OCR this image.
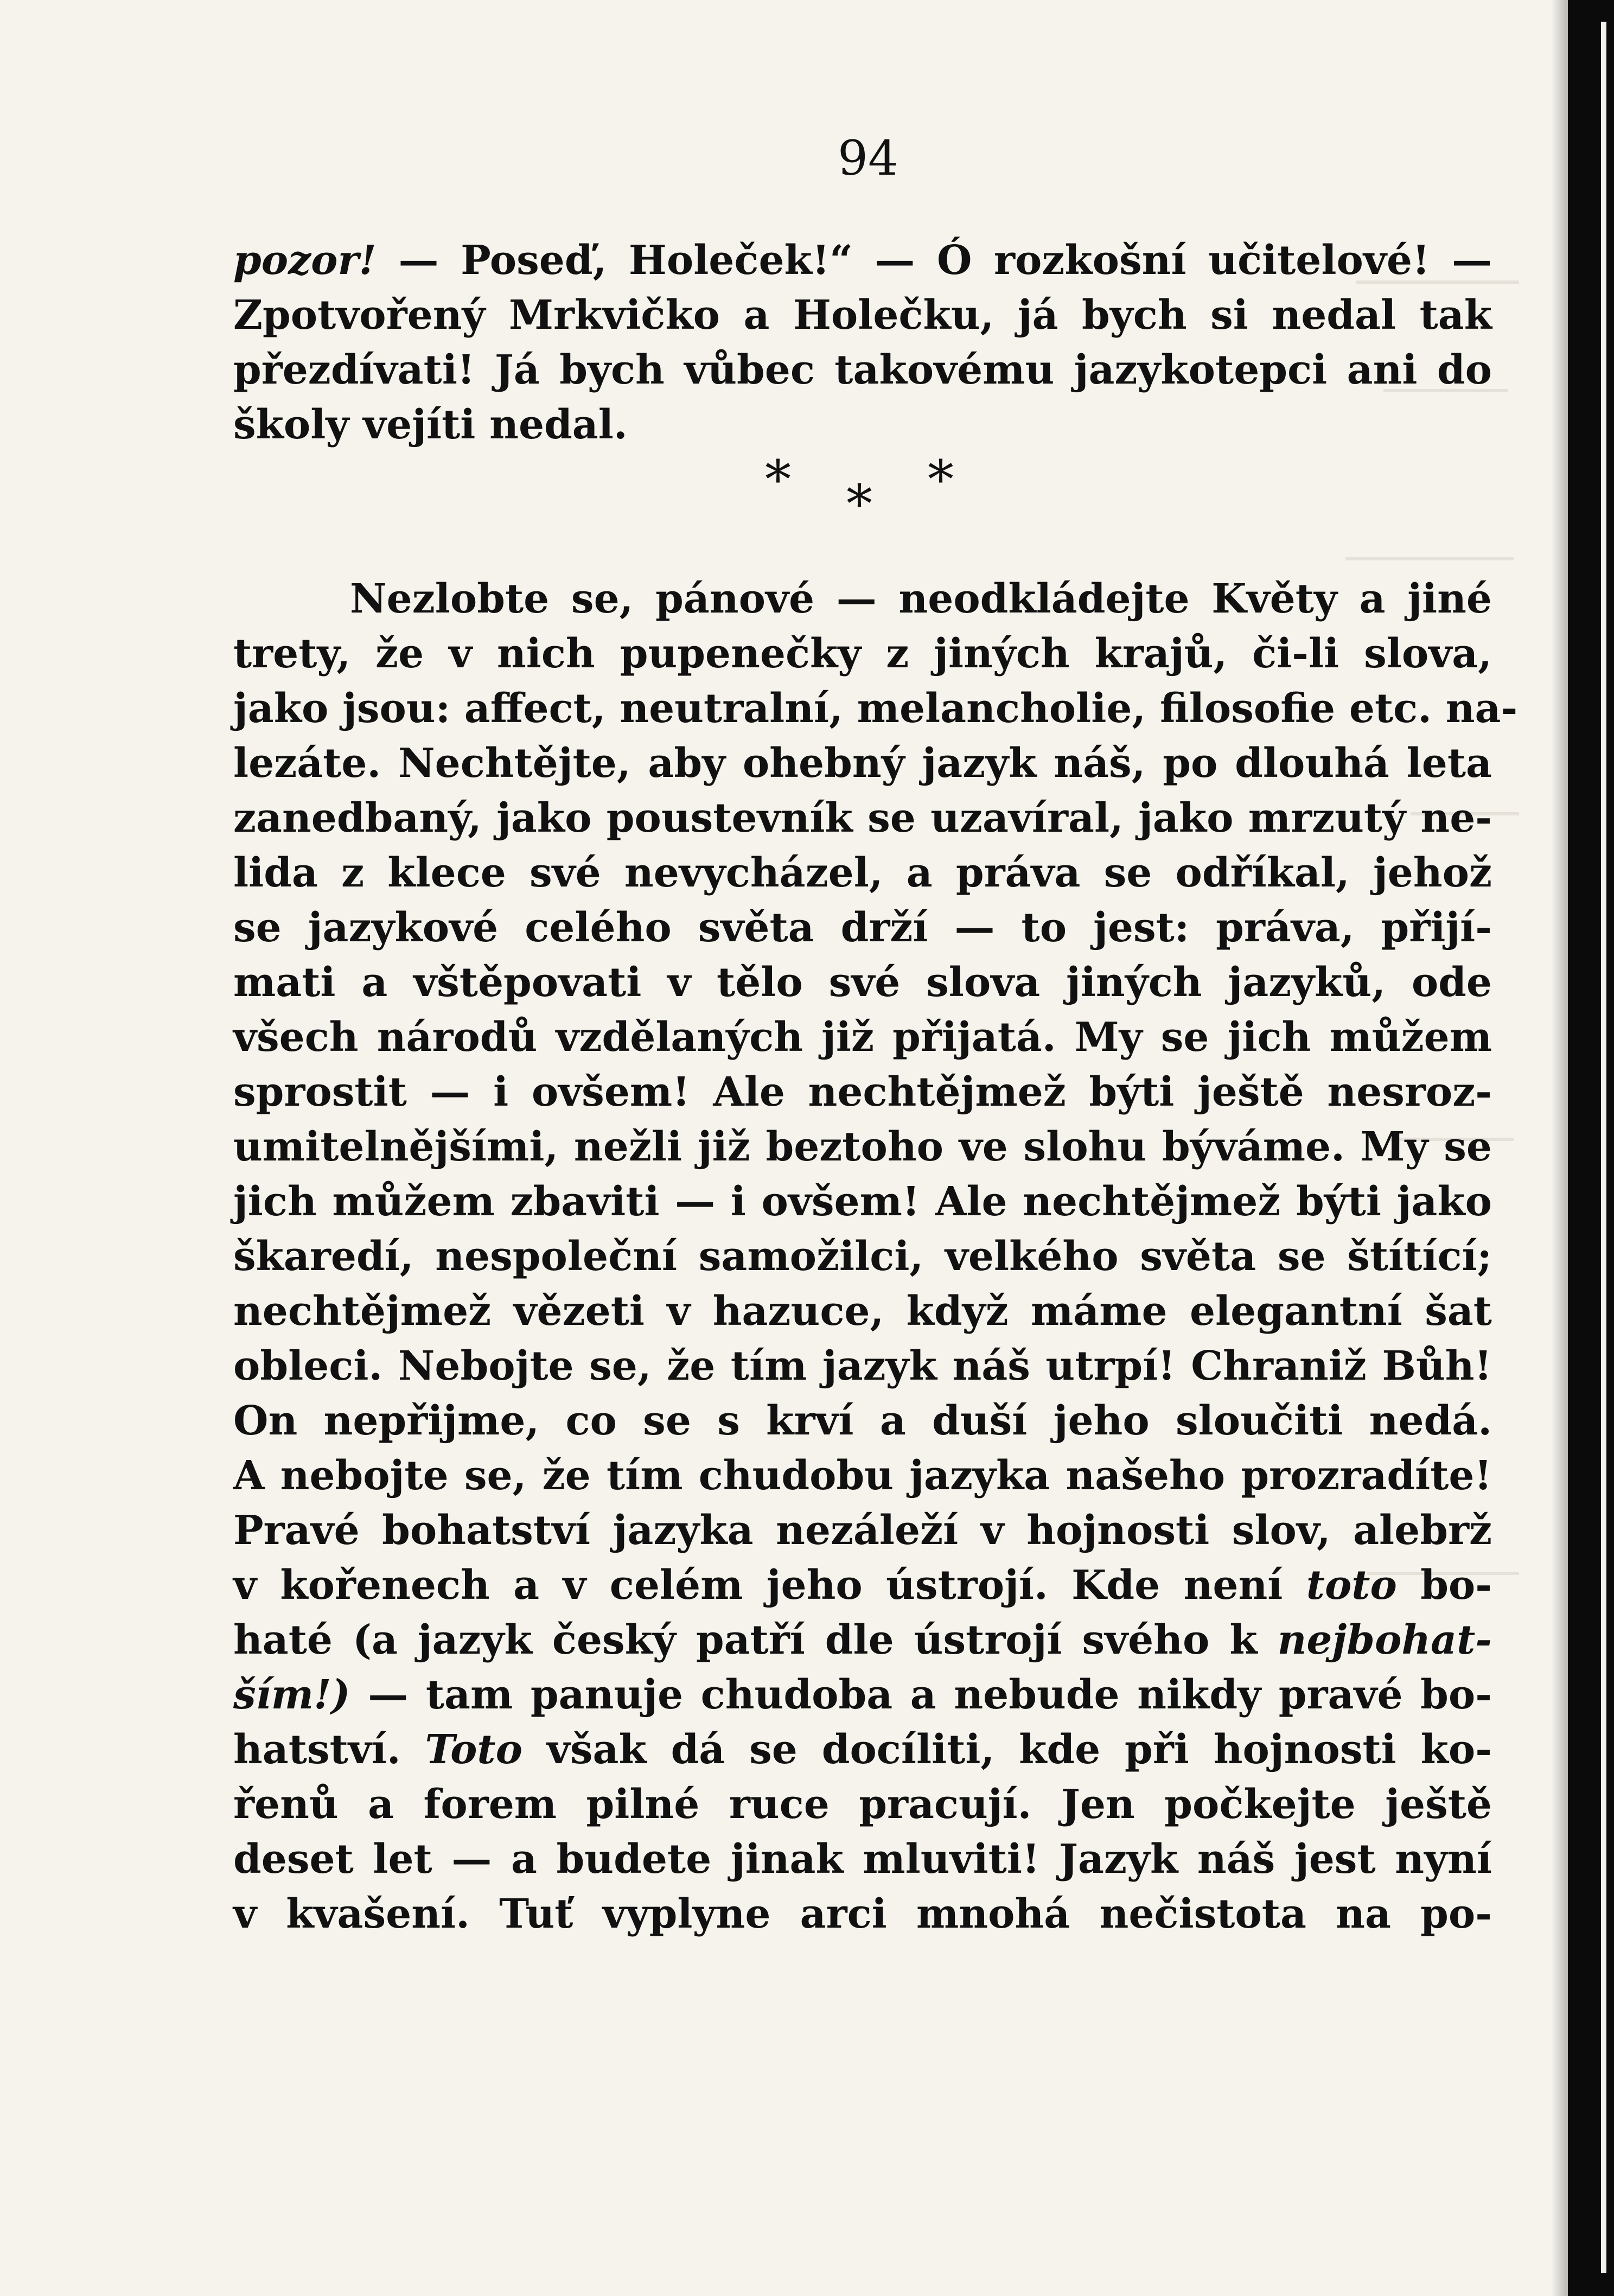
94
pozor! — Poseď, Holeček!“ — Ó rozkošní učitelové! —
Zpotvořený Mrkvičko a Holečku, já bych si nedal tak
přezdívati! Já bych vůbec takovému jazykotepci ani do
školy vejíti nedal.
* * *
Nezlobte se, pánové — neodkládejte Květy a jiné
trety, že v nich pupenečky z jiných krajů, či-li slova,
jako jsou: affect, neutralní, melancholie, filosofie etc. na-
lezáte. Nechtějte, aby ohebný jazyk náš, po dlouhá leta
zanedbaný, jako poustevník se uzavíral, jako mrzutý ne-
lida z klece své nevycházel, a práva se odříkal, jehož
se jazykové celého světa drží — to jest: práva, přijí-
mati a vštěpovati v tělo své slova jiných jazyků, ode
všech národů vzdělaných již přijatá. My se jich můžem
sprostit — i ovšem! Ale nechtějmež býti ještě nesroz-
umitelnějšími, nežli již beztoho ve slohu býváme. My se
jich můžem zbaviti — i ovšem! Ale nechtějmež býti jako
škaredí, nespoleční samožilci, velkého světa se štítící;
nechtějmež vězeti v hazuce, když máme elegantní šat
obleci. Nebojte se, že tím jazyk náš utrpí! Chraniž Bůh!
On nepřijme, co se s krví a duší jeho sloučiti nedá.
A nebojte se, že tím chudobu jazyka našeho prozradíte!
Pravé bohatství jazyka nezáleží v hojnosti slov, alebrž
v kořenech a v celém jeho ústrojí. Kde není toto bo-
haté (a jazyk český patří dle ústrojí svého k nejbohat-
ším!) — tam panuje chudoba a nebude nikdy pravé bo-
hatství. Toto však dá se docíliti, kde při hojnosti ko-
řenů a forem pilné ruce pracují. Jen počkejte ještě
deset let — a budete jinak mluviti! Jazyk náš jest nyní
v kvašení. Tuť vyplyne arci mnohá nečistota na po-
